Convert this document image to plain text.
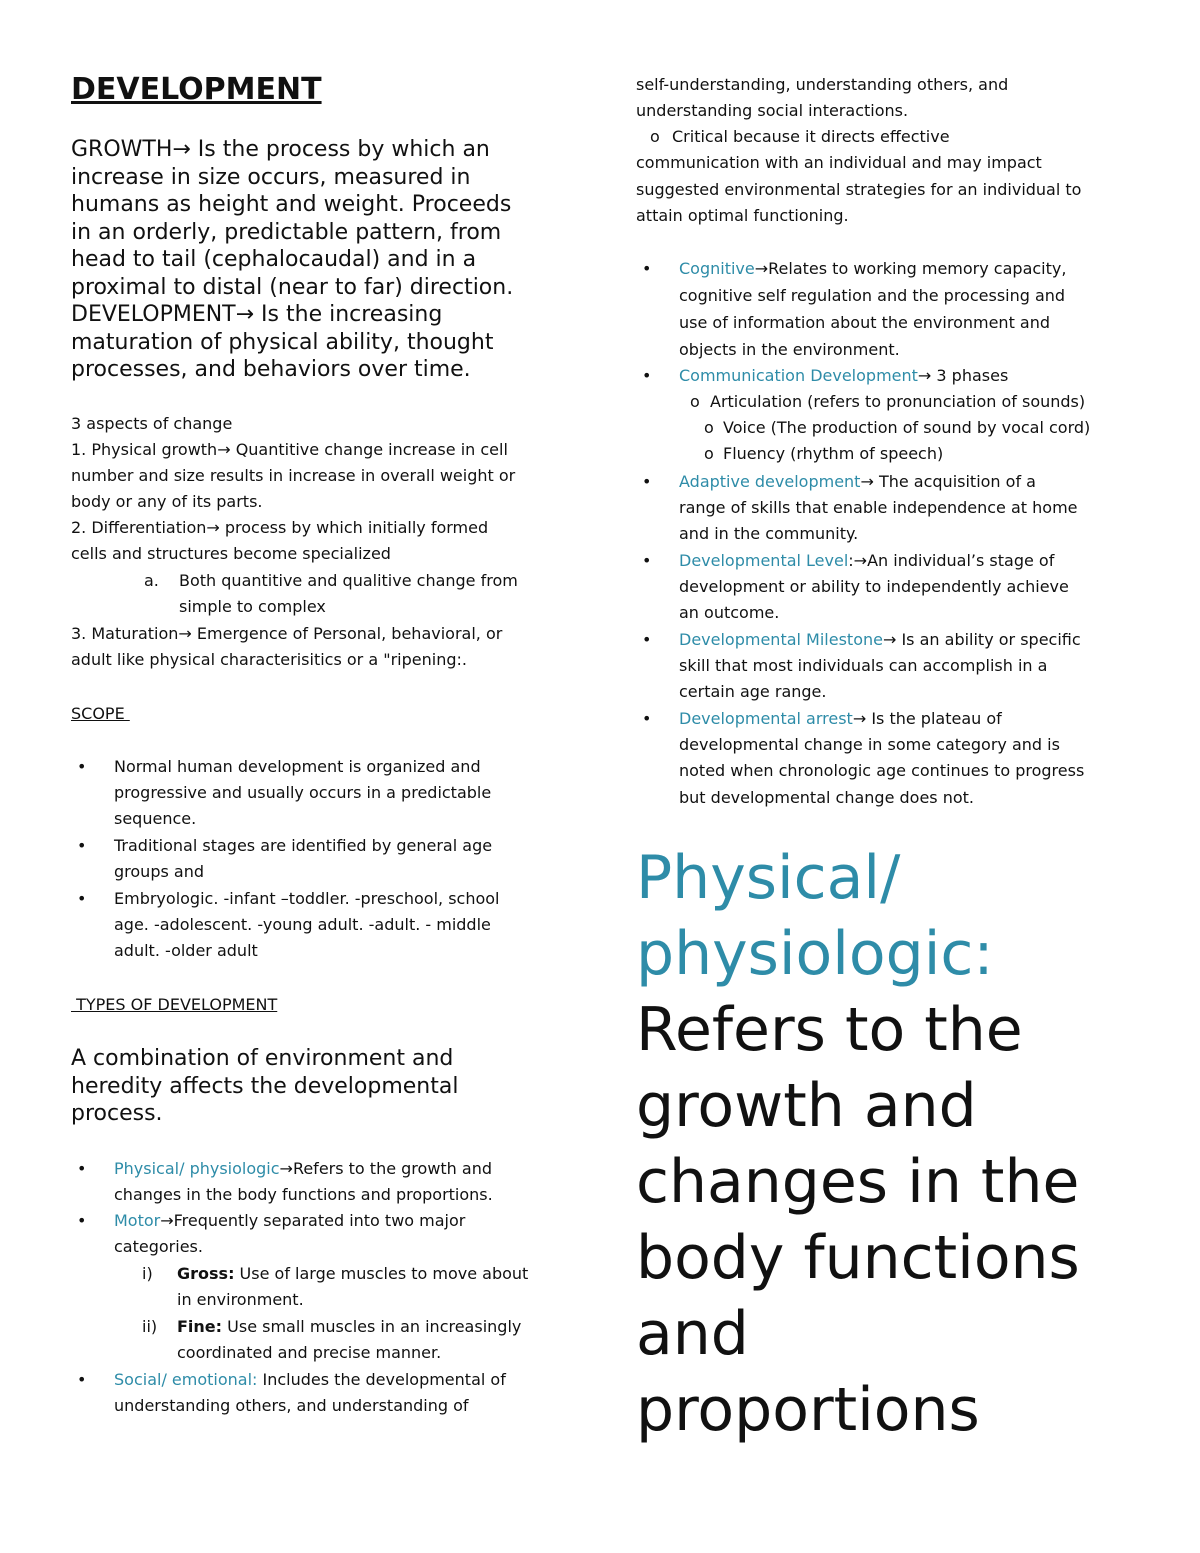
DEVELOPMENT
GROWTH→ Is the process by which an
increase in size occurs, measured in
humans as height and weight. Proceeds
in an orderly, predictable pattern, from
head to tail (cephalocaudal) and in a
proximal to distal (near to far) direction.
DEVELOPMENT→ Is the increasing
maturation of physical ability, thought
processes, and behaviors over time.
3 aspects of change
1. Physical growth→ Quantitive change increase in cell
number and size results in increase in overall weight or
body or any of its parts.
2. Differentiation→ process by which initially formed
cells and structures become specialized
a. Both quantitive and qualitive change from
simple to complex
3. Maturation→ Emergence of Personal, behavioral, or
adult like physical characterisitics or a "ripening:.
SCOPE
• Normal human development is organized and
progressive and usually occurs in a predictable
sequence.
• Traditional stages are identified by general age
groups and
• Embryologic. -infant –toddler. -preschool, school
age. -adolescent. -young adult. -adult. - middle
adult. -older adult
TYPES OF DEVELOPMENT
A combination of environment and
heredity affects the developmental
process.
• Physical/ physiologic→Refers to the growth and
changes in the body functions and proportions.
• Motor→Frequently separated into two major
categories.
i) Gross: Use of large muscles to move about
in environment.
ii) Fine: Use small muscles in an increasingly
coordinated and precise manner.
• Social/ emotional: Includes the developmental of
understanding others, and understanding of
self-understanding, understanding others, and
understanding social interactions.
o Critical because it directs effective
communication with an individual and may impact
suggested environmental strategies for an individual to
attain optimal functioning.
• Cognitive→Relates to working memory capacity,
cognitive self regulation and the processing and
use of information about the environment and
objects in the environment.
• Communication Development→ 3 phases
o Articulation (refers to pronunciation of sounds)
o Voice (The production of sound by vocal cord)
o Fluency (rhythm of speech)
• Adaptive development→ The acquisition of a
range of skills that enable independence at home
and in the community.
• Developmental Level:→An individual’s stage of
development or ability to independently achieve
an outcome.
• Developmental Milestone→ Is an ability or specific
skill that most individuals can accomplish in a
certain age range.
• Developmental arrest→ Is the plateau of
developmental change in some category and is
noted when chronologic age continues to progress
but developmental change does not.
Physical/
physiologic:
Refers to the
growth and
changes in the
body functions
and
proportions
